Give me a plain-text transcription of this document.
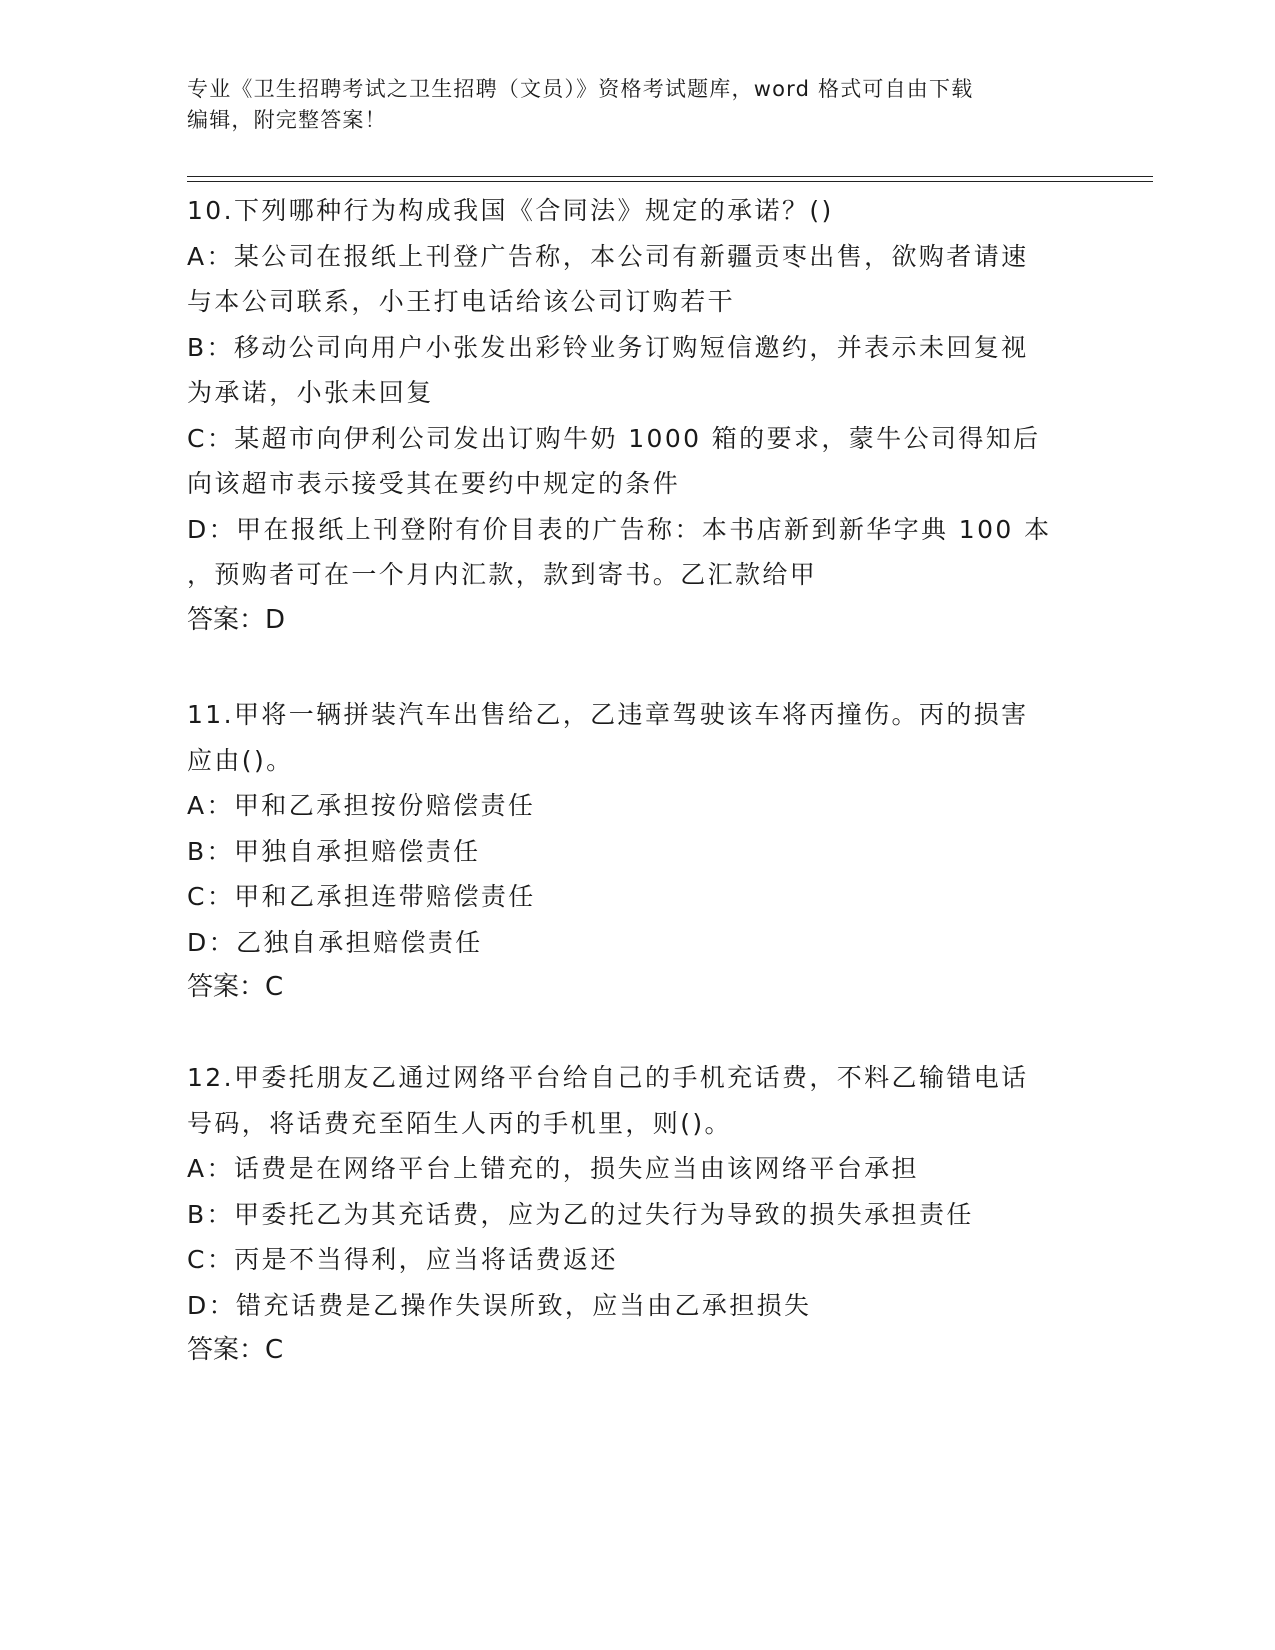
专业《卫生招聘考试之卫生招聘（文员）》资格考试题库，word 格式可自由下载
编辑，附完整答案！
10.下列哪种行为构成我国《合同法》规定的承诺？()
A：某公司在报纸上刊登广告称，本公司有新疆贡枣出售，欲购者请速
与本公司联系，小王打电话给该公司订购若干
B：移动公司向用户小张发出彩铃业务订购短信邀约，并表示未回复视
为承诺，小张未回复
C：某超市向伊利公司发出订购牛奶 1000 箱的要求，蒙牛公司得知后
向该超市表示接受其在要约中规定的条件
D：甲在报纸上刊登附有价目表的广告称：本书店新到新华字典 100 本
，预购者可在一个月内汇款，款到寄书。乙汇款给甲
答案：D
11.甲将一辆拼装汽车出售给乙，乙违章驾驶该车将丙撞伤。丙的损害
应由()。
A：甲和乙承担按份赔偿责任
B：甲独自承担赔偿责任
C：甲和乙承担连带赔偿责任
D：乙独自承担赔偿责任
答案：C
12.甲委托朋友乙通过网络平台给自己的手机充话费，不料乙输错电话
号码，将话费充至陌生人丙的手机里，则()。
A：话费是在网络平台上错充的，损失应当由该网络平台承担
B：甲委托乙为其充话费，应为乙的过失行为导致的损失承担责任
C：丙是不当得利，应当将话费返还
D：错充话费是乙操作失误所致，应当由乙承担损失
答案：C
